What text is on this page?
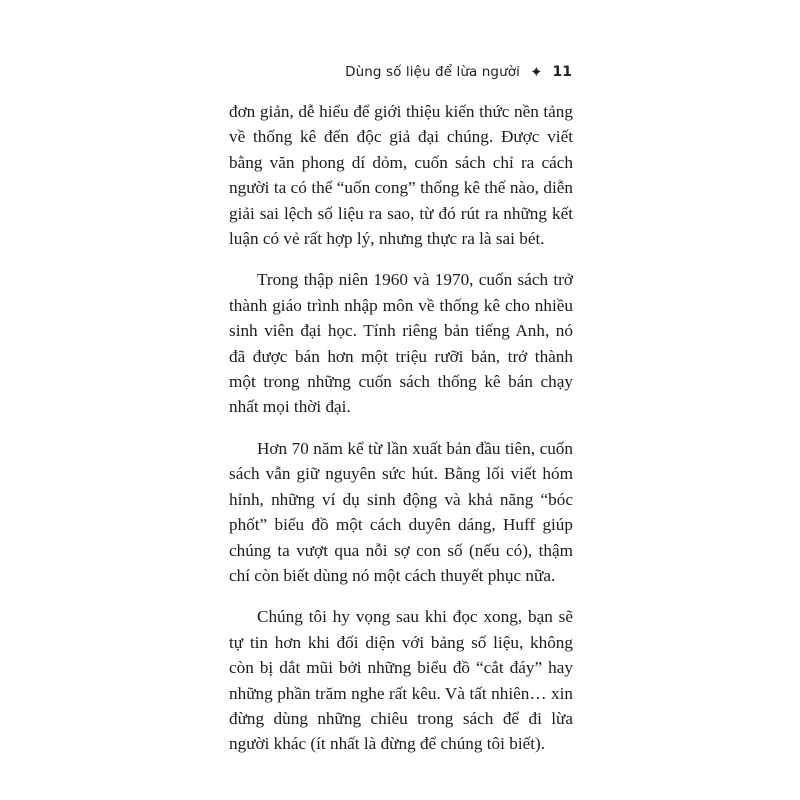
Dùng số liệu để lừa người ✦ 11

đơn giản, dễ hiểu để giới thiệu kiến thức nền tảng về thống kê đến độc giả đại chúng. Được viết bằng văn phong dí dỏm, cuốn sách chỉ ra cách người ta có thể “uốn cong” thống kê thế nào, diễn giải sai lệch số liệu ra sao, từ đó rút ra những kết luận có vẻ rất hợp lý, nhưng thực ra là sai bét.

Trong thập niên 1960 và 1970, cuốn sách trở thành giáo trình nhập môn về thống kê cho nhiều sinh viên đại học. Tính riêng bản tiếng Anh, nó đã được bán hơn một triệu rưỡi bản, trở thành một trong những cuốn sách thống kê bán chạy nhất mọi thời đại.

Hơn 70 năm kể từ lần xuất bản đầu tiên, cuốn sách vẫn giữ nguyên sức hút. Bằng lối viết hóm hỉnh, những ví dụ sinh động và khả năng “bóc phốt” biểu đồ một cách duyên dáng, Huff giúp chúng ta vượt qua nỗi sợ con số (nếu có), thậm chí còn biết dùng nó một cách thuyết phục nữa.

Chúng tôi hy vọng sau khi đọc xong, bạn sẽ tự tin hơn khi đối diện với bảng số liệu, không còn bị dắt mũi bởi những biểu đồ “cắt đáy” hay những phần trăm nghe rất kêu. Và tất nhiên… xin đừng dùng những chiêu trong sách để đi lừa người khác (ít nhất là đừng để chúng tôi biết).
